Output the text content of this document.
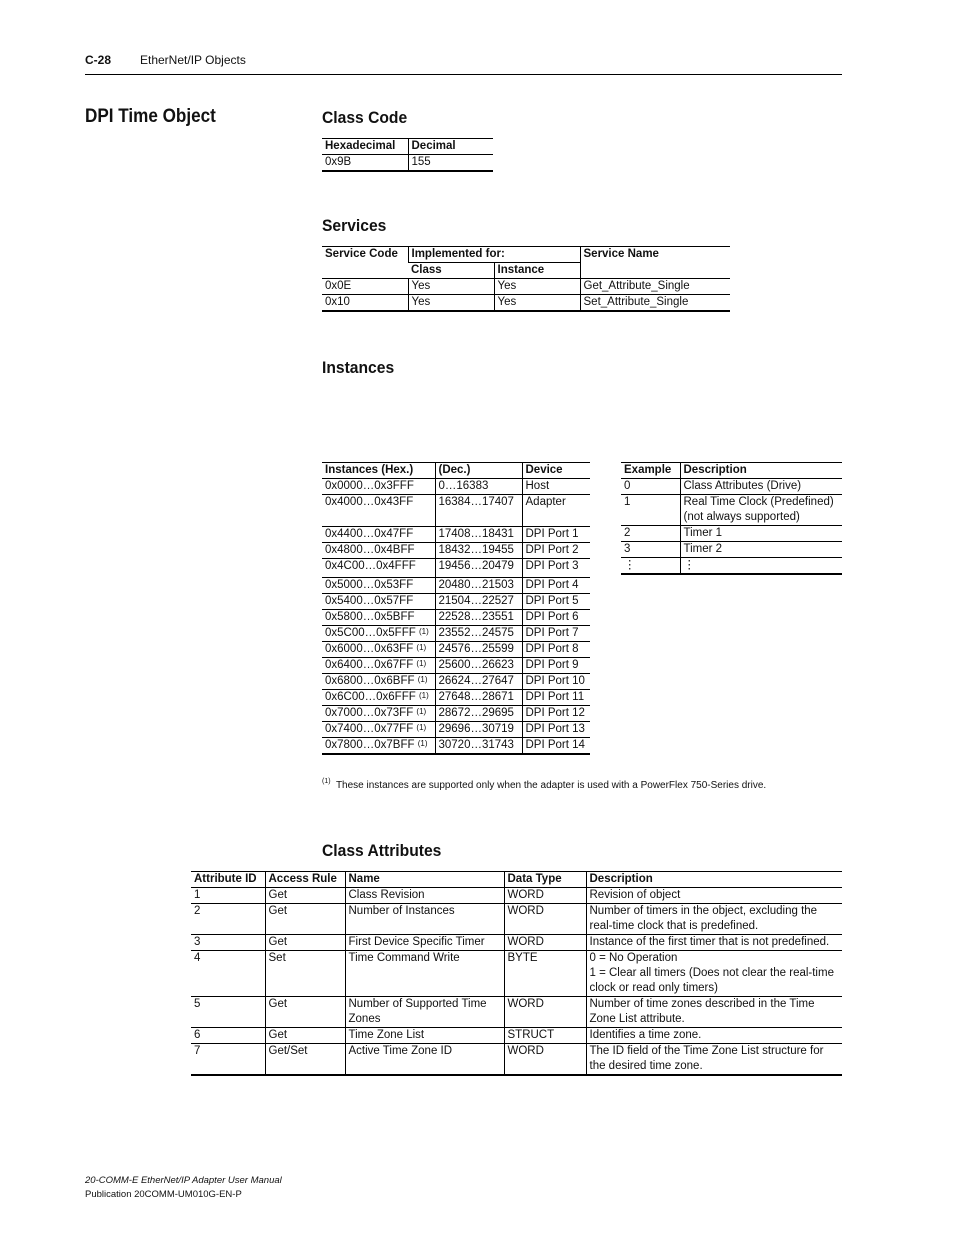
C-28 EtherNet/IP Objects
DPI Time Object	Class Code
Hexadecimal	Decimal
0x9B	155
Services
Service Code	Implemented for:		Service Name
	Class	Instance	
0x0E	Yes	Yes	Get_Attribute_Single
0x10	Yes	Yes	Set_Attribute_Single
Instances
Instances (Hex.)	(Dec.)	Device
0x0000…0x3FFF	0…16383	Host
0x4000…0x43FF	16384…17407	Adapter
0x4400…0x47FF	17408…18431	DPI Port 1
0x4800…0x4BFF	18432…19455	DPI Port 2
0x4C00…0x4FFF	19456…20479	DPI Port 3
0x5000…0x53FF	20480…21503	DPI Port 4
0x5400…0x57FF	21504…22527	DPI Port 5
0x5800…0x5BFF	22528…23551	DPI Port 6
0x5C00…0x5FFF $^{(1)}$	23552…24575	DPI Port 7
0x6000…0x63FF $^{(1)}$	24576…25599	DPI Port 8
0x6400…0x67FF $^{(1)}$	25600…26623	DPI Port 9
0x6800…0x6BFF $^{(1)}$	26624…27647	DPI Port 10
0x6C00…0x6FFF $^{(1)}$	27648…28671	DPI Port 11
0x7000…0x73FF $^{(1)}$	28672…29695	DPI Port 12
0x7400…0x77FF $^{(1)}$	29696…30719	DPI Port 13
0x7800…0x7BFF $^{(1)}$	30720…31743	DPI Port 14
Example	Description
0	Class Attributes (Drive)
1	Real Time Clock (Predefined) (not always supported)
2	Timer 1
3	Timer 2
⋮	⋮
$^{(1)}$ These instances are supported only when the adapter is used with a PowerFlex 750-Series drive.
Class Attributes
Attribute ID	Access Rule	Name	Data Type	Description
1	Get	Class Revision	WORD	Revision of object
2	Get	Number of Instances	WORD	Number of timers in the object, excluding the real-time clock that is predefined.
3	Get	First Device Specific Timer	WORD	Instance of the first timer that is not predefined.
4	Set	Time Command Write	BYTE	0 = No Operation
1 = Clear all timers (Does not clear the real-time clock or read only timers)

5	Get	Number of Supported Time Zones	WORD	Number of time zones described in the Time Zone List attribute.
6	Get	Time Zone List	STRUCT	Identifies a time zone.
7	Get/Set	Active Time Zone ID	WORD	The ID field of the Time Zone List structure for the desired time zone.
20-COMM-E EtherNet/IP Adapter User Manual
Publication 20COMM-UM010G-EN-P
